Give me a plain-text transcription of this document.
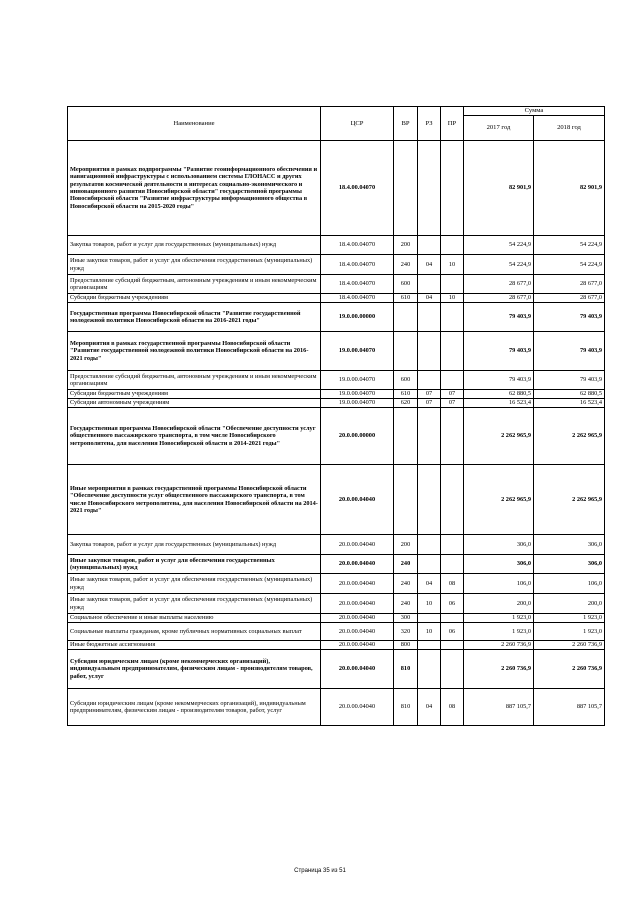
Наименование	ЦСР	ВР	РЗ	ПР	Сумма	
					2017 год	2018 год
Мероприятия в рамках подпрограммы "Развитие геоинформационного обеспечения и навигационной инфраструктуры с использованием системы ГЛОНАСС и других результатов космической деятельности в интересах социально-экономического и инновационного развития Новосибирской области" государственной программы Новосибирской области "Развитие инфраструктуры информационного общества в Новосибирской области на 2015-2020 годы"	18.4.00.04070				82 901,9	82 901,9
Закупка товаров, работ и услуг для государственных (муниципальных) нужд	18.4.00.04070	200			54 224,9	54 224,9
Иные закупки товаров, работ и услуг для обеспечения государственных (муниципальных) нужд	18.4.00.04070	240	04	10	54 224,9	54 224,9
Предоставление субсидий бюджетным, автономным учреждениям и иным некоммерческим организациям	18.4.00.04070	600			28 677,0	28 677,0
Субсидии бюджетным учреждениям	18.4.00.04070	610	04	10	28 677,0	28 677,0
Государственная программа Новосибирской области "Развитие государственной молодежной политики Новосибирской области на 2016-2021 годы"	19.0.00.00000				79 403,9	79 403,9
Мероприятия в рамках государственной программы Новосибирской области "Развитие государственной молодежной политики Новосибирской области на 2016-2021 годы"	19.0.00.04070				79 403,9	79 403,9
Предоставление субсидий бюджетным, автономным учреждениям и иным некоммерческим организациям	19.0.00.04070	600			79 403,9	79 403,9
Субсидии бюджетным учреждениям	19.0.00.04070	610	07	07	62 880,5	62 880,5
Субсидии автономным учреждениям	19.0.00.04070	620	07	07	16 523,4	16 523,4
Государственная программа Новосибирской области "Обеспечение доступности услуг общественного пассажирского транспорта, в том числе Новосибирского метрополитена, для населения Новосибирской области в 2014-2021 годы"	20.0.00.00000				2 262 965,9	2 262 965,9
Иные мероприятия в рамках государственной программы Новосибирской области "Обеспечение доступности услуг общественного пассажирского транспорта, в том числе Новосибирского метрополитена, для населения Новосибирской области на 2014-2021 годы"	20.0.00.04040				2 262 965,9	2 262 965,9
Закупка товаров, работ и услуг для государственных (муниципальных) нужд	20.0.00.04040	200			306,0	306,0
Иные закупки товаров, работ и услуг для обеспечения государственных (муниципальных) нужд	20.0.00.04040	240			306,0	306,0
Иные закупки товаров, работ и услуг для обеспечения государственных (муниципальных) нужд	20.0.00.04040	240	04	08	106,0	106,0
Иные закупки товаров, работ и услуг для обеспечения государственных (муниципальных) нужд	20.0.00.04040	240	10	06	200,0	200,0
Социальное обеспечение и иные выплаты населению	20.0.00.04040	300			1 923,0	1 923,0
Социальные выплаты гражданам, кроме публичных нормативных социальных выплат	20.0.00.04040	320	10	06	1 923,0	1 923,0
Иные бюджетные ассигнования	20.0.00.04040	800			2 260 736,9	2 260 736,9
Субсидии юридическим лицам (кроме некоммерческих организаций), индивидуальным предпринимателям, физическим лицам - производителям товаров, работ, услуг	20.0.00.04040	810			2 260 736,9	2 260 736,9
Субсидии юридическим лицам (кроме некоммерческих организаций), индивидуальным предпринимателям, физическим лицам - производителям товаров, работ, услуг	20.0.00.04040	810	04	08	887 105,7	887 105,7
Страница 35 из 51
